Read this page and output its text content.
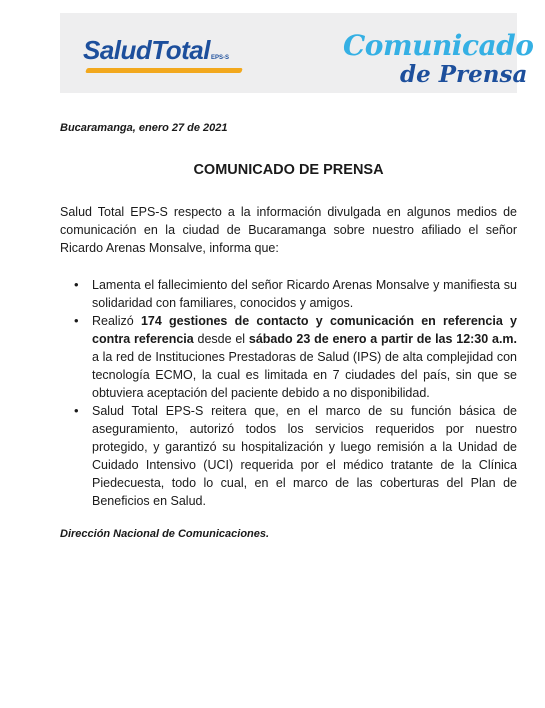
SaludTotalEPS-S	Comunicado
de Prensa
Bucaramanga, enero 27 de 2021
COMUNICADO DE PRENSA

Salud Total EPS-S respecto a la información divulgada en algunos medios de comunicación en la ciudad de Bucaramanga sobre nuestro afiliado el señor Ricardo Arenas Monsalve, informa que:

• Lamenta el fallecimiento del señor Ricardo Arenas Monsalve y manifiesta su solidaridad con familiares, conocidos y amigos.
• Realizó 174 gestiones de contacto y comunicación en referencia y contra referencia desde el sábado 23 de enero a partir de las 12:30 a.m. a la red de Instituciones Prestadoras de Salud (IPS) de alta complejidad con tecnología ECMO, la cual es limitada en 7 ciudades del país, sin que se obtuviera aceptación del paciente debido a no disponibilidad.
• Salud Total EPS-S reitera que, en el marco de su función básica de aseguramiento, autorizó todos los servicios requeridos por nuestro protegido, y garantizó su hospitalización y luego remisión a la Unidad de Cuidado Intensivo (UCI) requerida por el médico tratante de la Clínica Piedecuesta, todo lo cual, en el marco de las coberturas del Plan de Beneficios en Salud.
Dirección Nacional de Comunicaciones.
